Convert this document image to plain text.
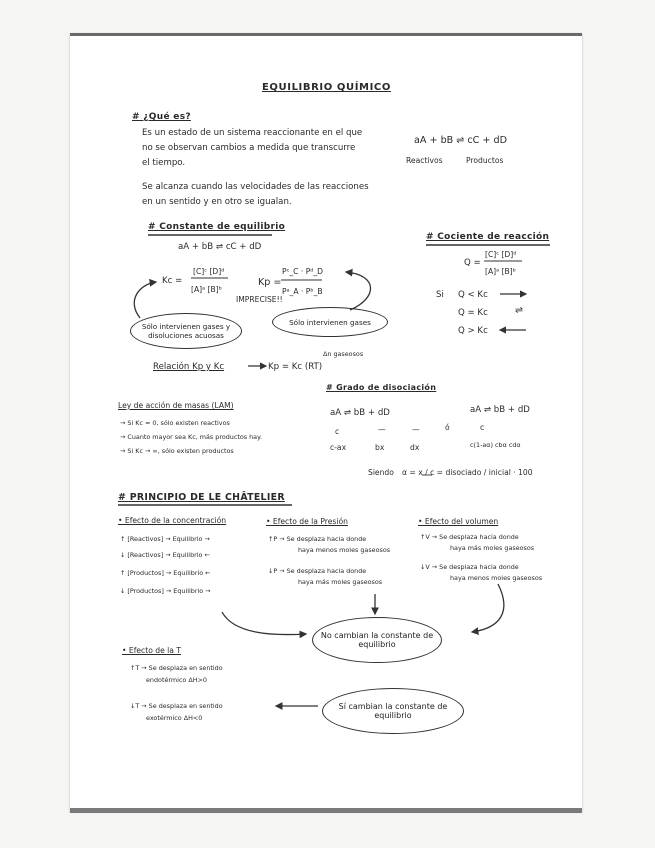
EQUILIBRIO QUÍMICO
# ¿Qué es?
Es un estado de un sistema reaccionante en el que
no se observan cambios a medida que transcurre
el tiempo.
Se alcanza cuando las velocidades de las reacciones
en un sentido y en otro se igualan.
aA + bB ⇌ cC + dD
Reactivos	Productos
# Constante de equilibrio
aA + bB ⇌ cC + dD
Kc =
[C]ᶜ [D]ᵈ
[A]ᵃ [B]ᵇ
Kp =
Pᶜ_C · Pᵈ_D
Pᵃ_A · Pᵇ_B
IMPRECISE!!
Sólo intervienen gases y disoluciones acuosas
Sólo intervienen gases
Relación Kp y Kc	Kp = Kc (RT)
Δn gaseosos
# Cociente de reacción
Q =
[C]ᶜ [D]ᵈ
[A]ᵃ [B]ᵇ
Si Q < Kc
Q = Kc
Q > Kc
⇌
Ley de acción de masas (LAM)
→ Si Kc ≈ 0, sólo existen reactivos
→ Cuanto mayor sea Kc, más productos hay.
→ Si Kc → ∞, sólo existen productos
# Grado de disociación
aA ⇌ bB + dD	aA ⇌ bB + dD
ó
c	—	—	c
c-ax	bx	dx	c(1-aα) cbα cdα
Siendo α = x / c = disociado / inicial · 100
# PRINCIPIO DE LE CHÂTELIER
• Efecto de la concentración
↑ [Reactivos] → Equilibrio →
↓ [Reactivos] → Equilibrio ←
↑ [Productos] → Equilibrio ←
↓ [Productos] → Equilibrio →
• Efecto de la Presión
↑P → Se desplaza hacia donde
haya menos moles gaseosos
↓P → Se desplaza hacia donde
haya más moles gaseosos
• Efecto del volumen
↑V → Se desplaza hacia donde
haya más moles gaseosos
↓V → Se desplaza hacia donde
haya menos moles gaseosos
No cambian la constante de equilibrio
• Efecto de la T
↑T → Se desplaza en sentido
endotérmico ΔH>0
↓T → Se desplaza en sentido
exotérmico ΔH<0
Sí cambian la constante de equilibrio
